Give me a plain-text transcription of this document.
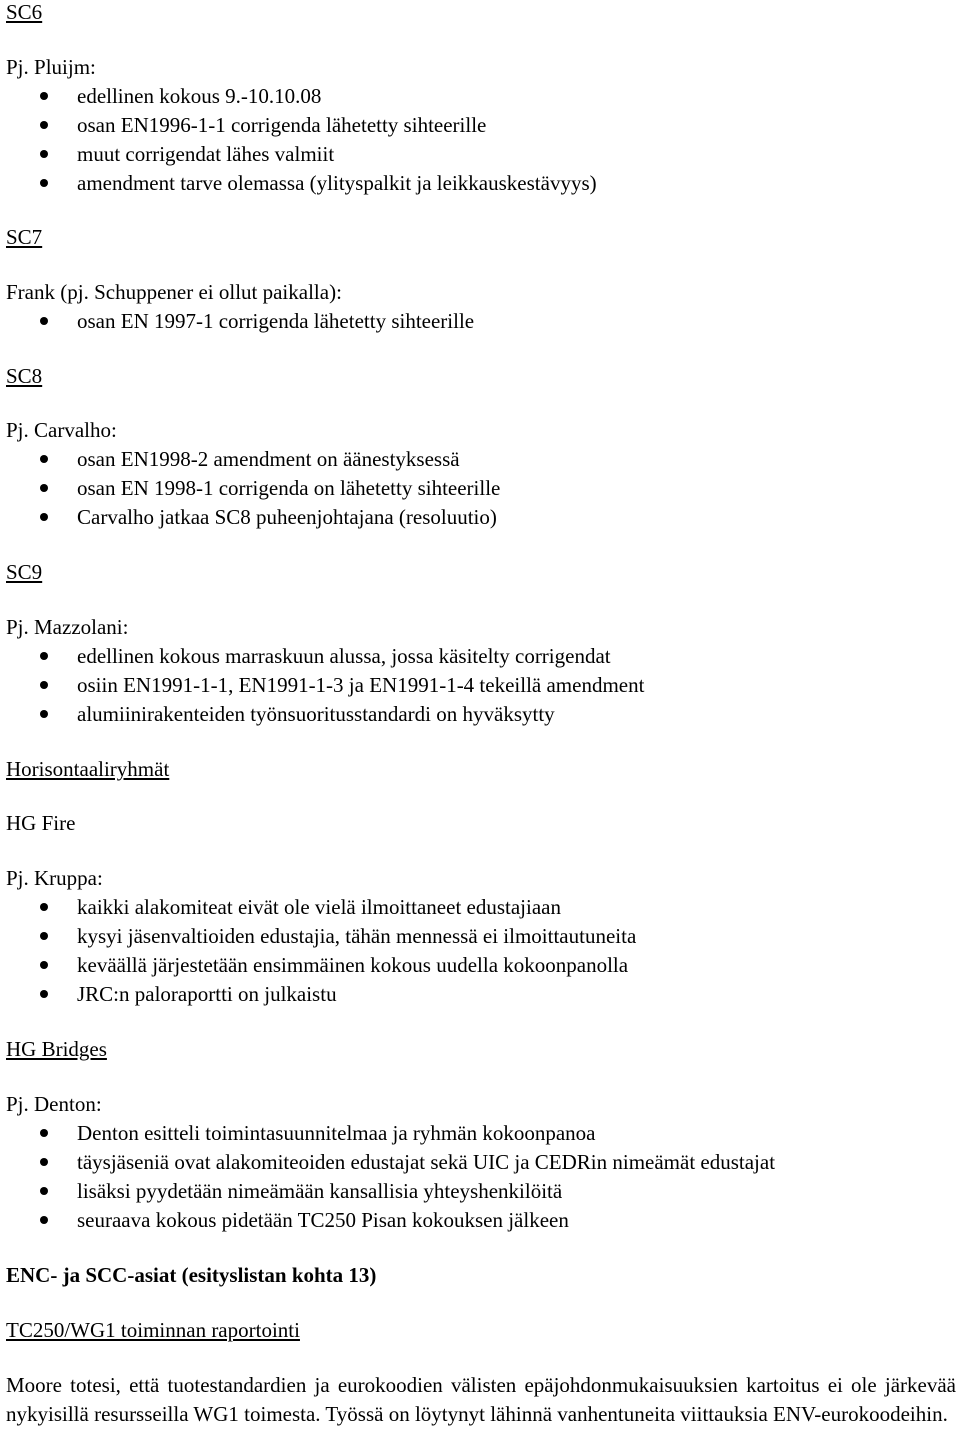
SC6
Pj. Pluijm:
edellinen kokous 9.-10.10.08
osan EN1996-1-1 corrigenda lähetetty sihteerille
muut corrigendat lähes valmiit
amendment tarve olemassa (ylityspalkit ja leikkauskestävyys)
SC7
Frank (pj. Schuppener ei ollut paikalla):
osan EN 1997-1 corrigenda lähetetty sihteerille
SC8
Pj. Carvalho:
osan EN1998-2 amendment on äänestyksessä
osan EN 1998-1 corrigenda on lähetetty sihteerille
Carvalho jatkaa SC8 puheenjohtajana (resoluutio)
SC9
Pj. Mazzolani:
edellinen kokous marraskuun alussa, jossa käsitelty corrigendat
osiin EN1991-1-1, EN1991-1-3 ja EN1991-1-4 tekeillä amendment
alumiinirakenteiden työnsuoritusstandardi on hyväksytty
Horisontaaliryhmät
HG Fire
Pj. Kruppa:
kaikki alakomiteat eivät ole vielä ilmoittaneet edustajiaan
kysyi jäsenvaltioiden edustajia, tähän mennessä ei ilmoittautuneita
keväällä järjestetään ensimmäinen kokous uudella kokoonpanolla
JRC:n paloraportti on julkaistu
HG Bridges
Pj. Denton:
Denton esitteli toimintasuunnitelmaa ja ryhmän kokoonpanoa
täysjäseniä ovat alakomiteoiden edustajat sekä UIC ja CEDRin nimeämät edustajat
lisäksi pyydetään nimeämään kansallisia yhteyshenkilöitä
seuraava kokous pidetään TC250 Pisan kokouksen jälkeen
ENC- ja SCC-asiat (esityslistan kohta 13)
TC250/WG1 toiminnan raportointi
Moore totesi, että tuotestandardien ja eurokoodien välisten epäjohdonmukaisuuksien kartoitus ei ole järkevää nykyisillä resursseilla WG1 toimesta. Työssä on löytynyt lähinnä vanhentuneita viittauksia ENV-eurokoodeihin.
